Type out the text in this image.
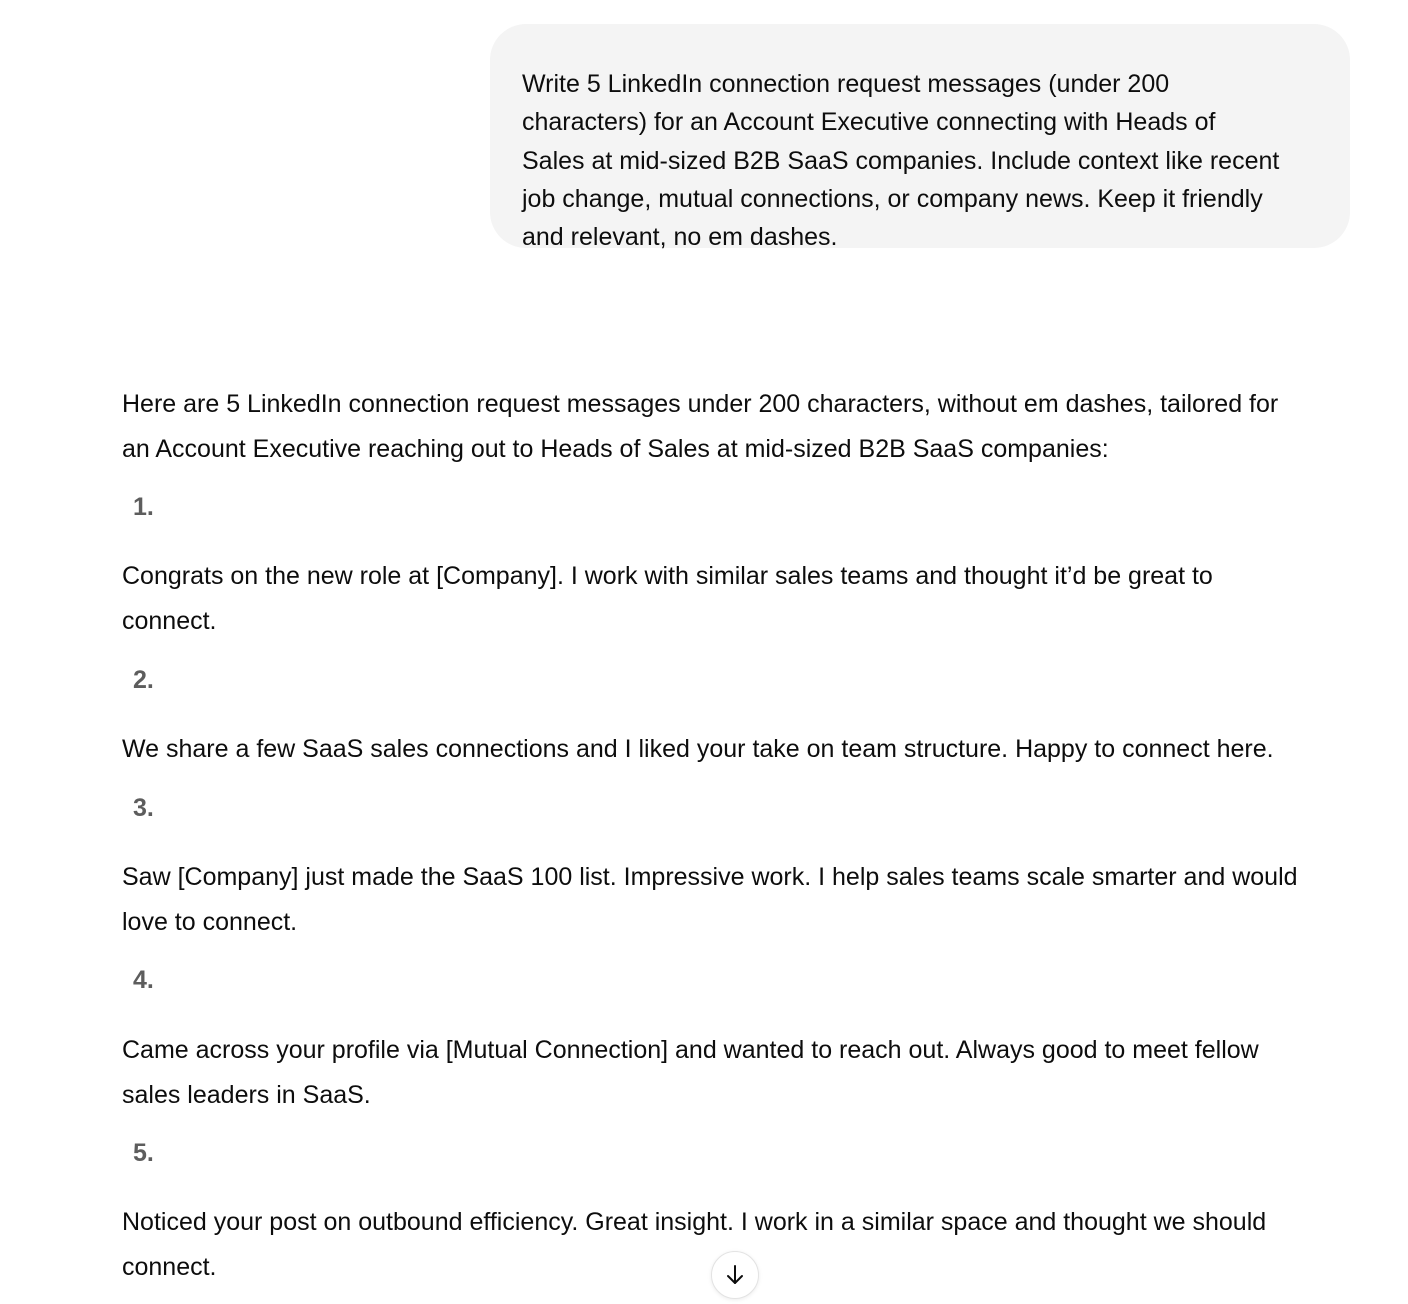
Write 5 LinkedIn connection request messages (under 200
characters) for an Account Executive connecting with Heads of
Sales at mid-sized B2B SaaS companies. Include context like recent
job change, mutual connections, or company news. Keep it friendly
and relevant, no em dashes.
Here are 5 LinkedIn connection request messages under 200 characters, without em dashes, tailored for
an Account Executive reaching out to Heads of Sales at mid-sized B2B SaaS companies:
1.
Congrats on the new role at [Company]. I work with similar sales teams and thought it’d be great to
connect.
2.
We share a few SaaS sales connections and I liked your take on team structure. Happy to connect here.
3.
Saw [Company] just made the SaaS 100 list. Impressive work. I help sales teams scale smarter and would
love to connect.
4.
Came across your profile via [Mutual Connection] and wanted to reach out. Always good to meet fellow
sales leaders in SaaS.
5.
Noticed your post on outbound efficiency. Great insight. I work in a similar space and thought we should
connect.
